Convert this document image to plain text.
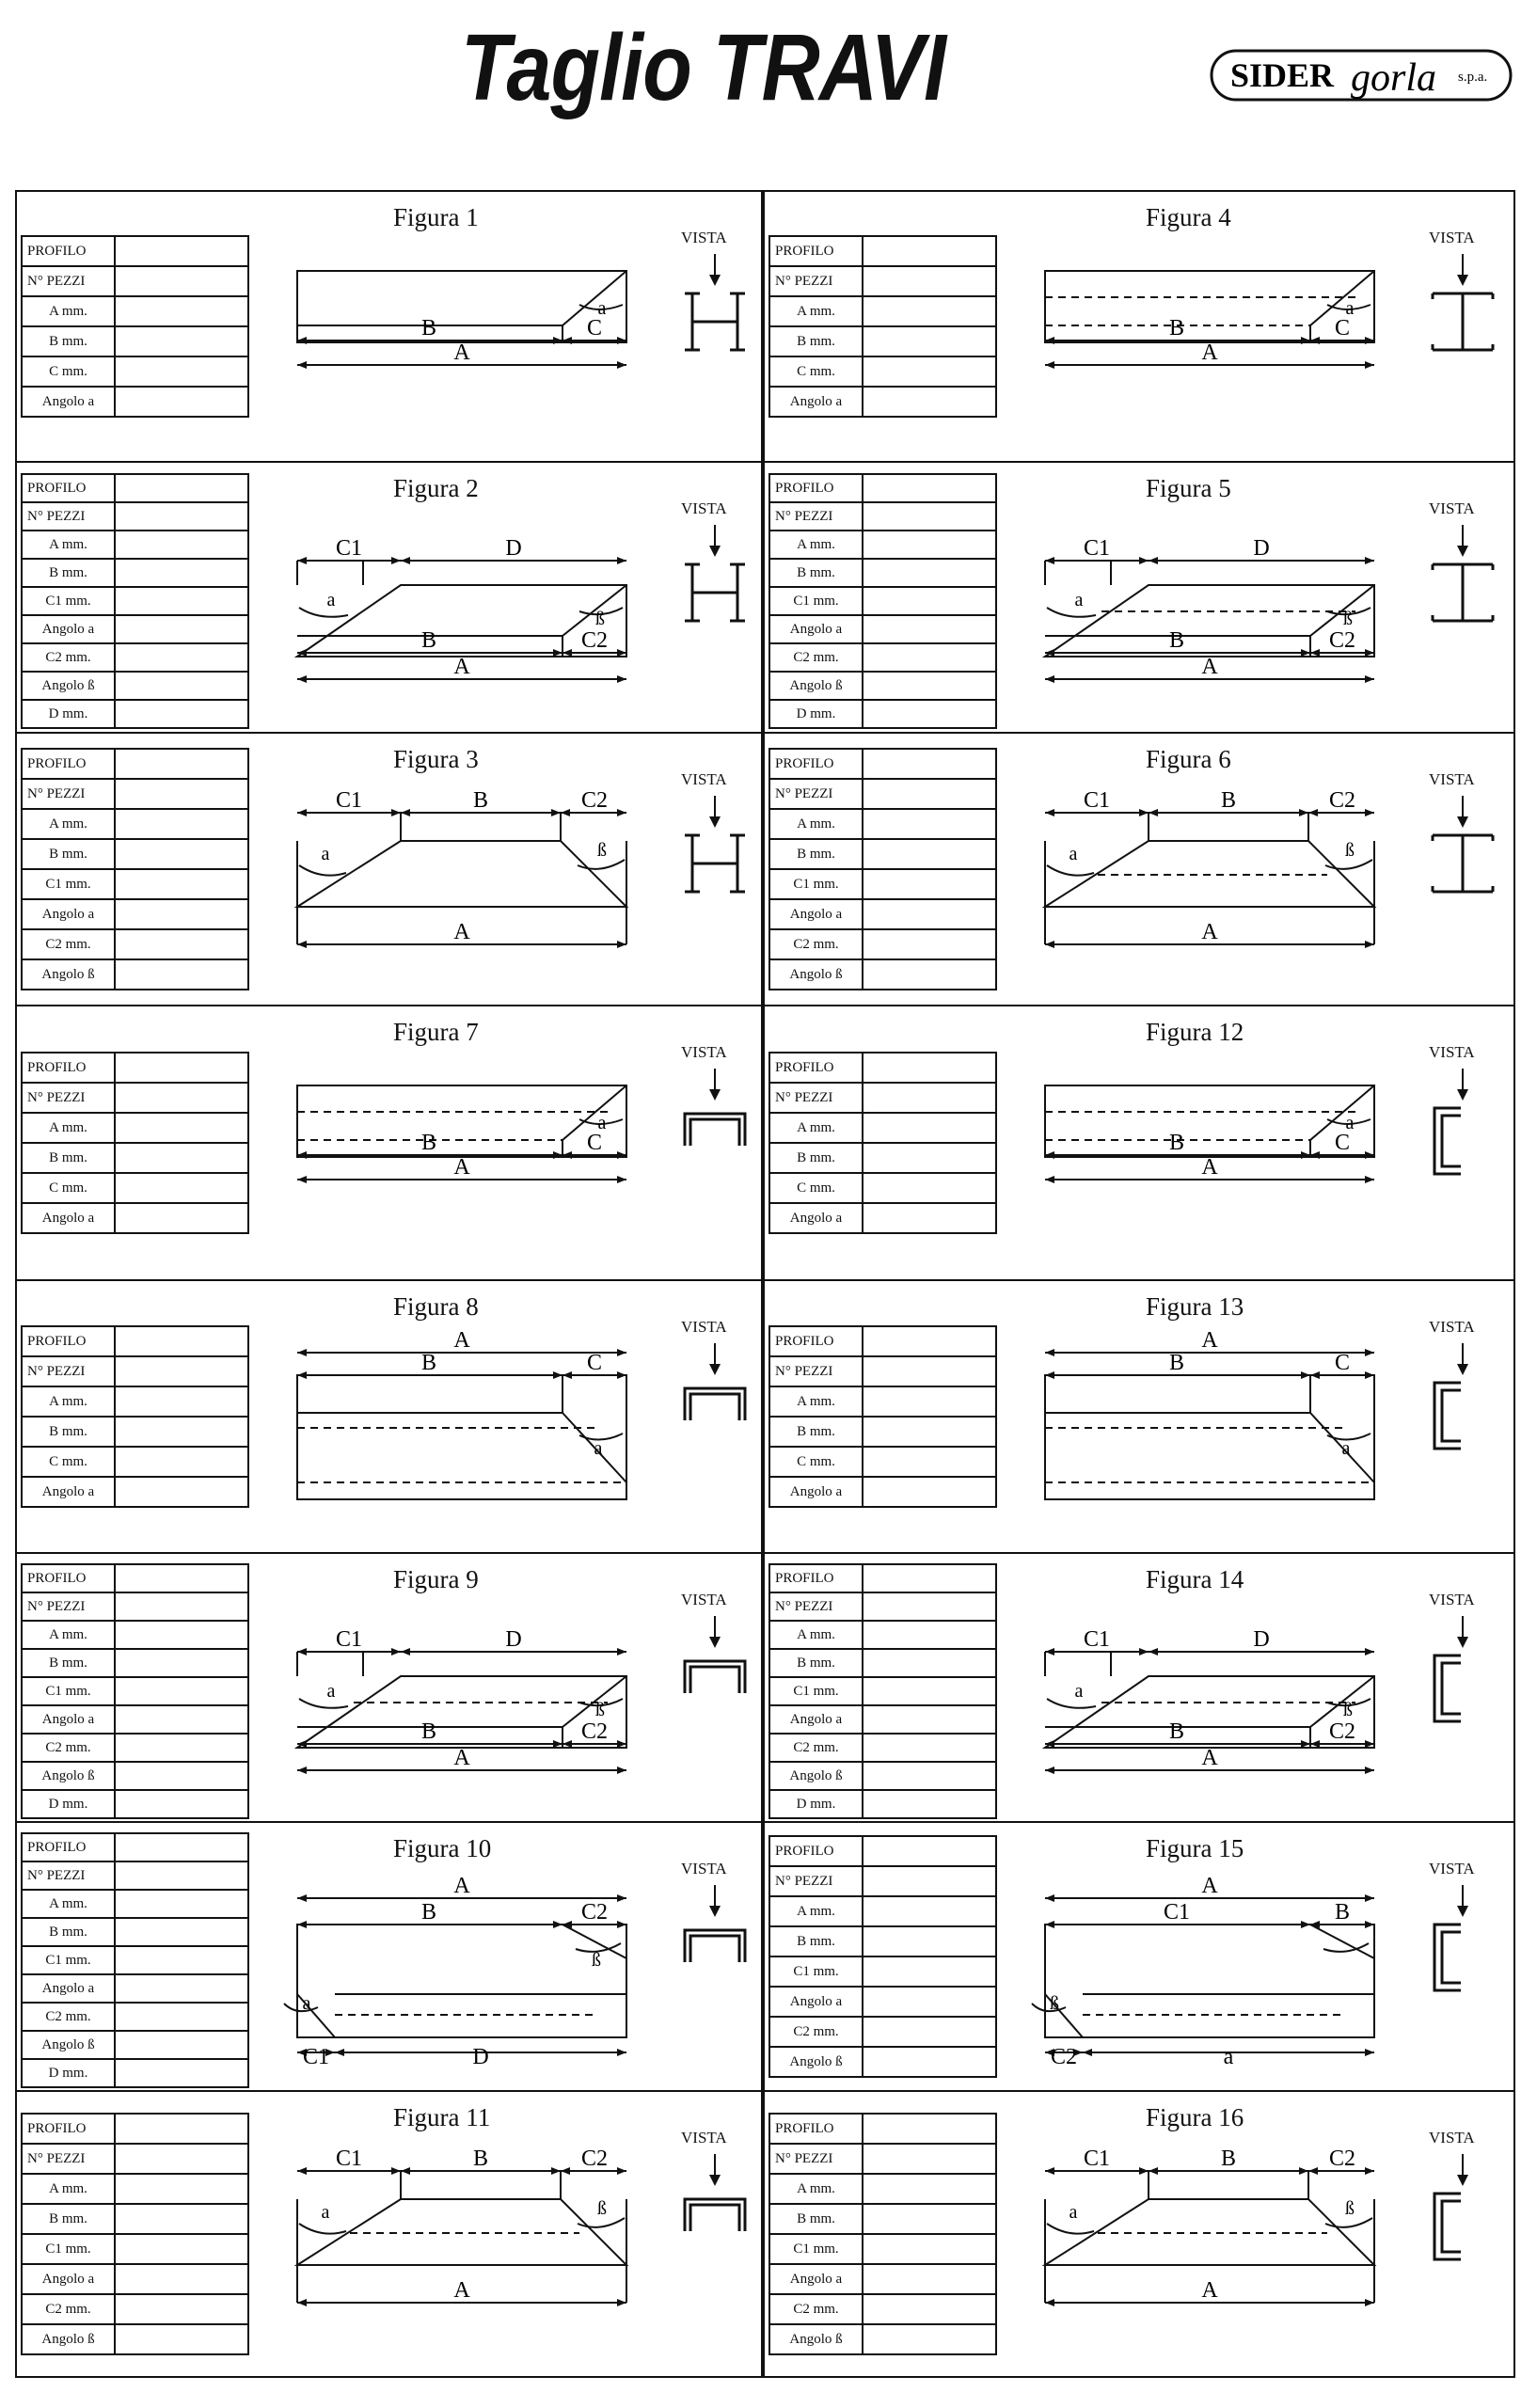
Taglio TRAVI	SIDER gorla s.p.a.
Figura 1
PROFILO	
N° PEZZI	
A mm.	
B mm.	
C mm.	
Angolo a	
B	C
A
a
VISTA
Figura 4
PROFILO	
N° PEZZI	
A mm.	
B mm.	
C mm.	
Angolo a	
B	C
A
a
VISTA
Figura 2
PROFILO	
N° PEZZI	
A mm.	
B mm.	
C1 mm.	
Angolo a	
C2 mm.	
Angolo ß	
D mm.	
C1	D
B	C2
A
a
ß
VISTA
Figura 5
PROFILO	
N° PEZZI	
A mm.	
B mm.	
C1 mm.	
Angolo a	
C2 mm.	
Angolo ß	
D mm.	
C1	D
B	C2
A
a
ß
VISTA
Figura 3
PROFILO	
N° PEZZI	
A mm.	
B mm.	
C1 mm.	
Angolo a	
C2 mm.	
Angolo ß	
C1	B	C2
A
a	ß
VISTA
Figura 6
PROFILO	
N° PEZZI	
A mm.	
B mm.	
C1 mm.	
Angolo a	
C2 mm.	
Angolo ß	
C1	B	C2
A
a	ß
VISTA
Figura 7
PROFILO	
N° PEZZI	
A mm.	
B mm.	
C mm.	
Angolo a	
B	C
A
a
VISTA
Figura 12
PROFILO	
N° PEZZI	
A mm.	
B mm.	
C mm.	
Angolo a	
B	C
A
a
VISTA
Figura 8
PROFILO	
N° PEZZI	
A mm.	
B mm.	
C mm.	
Angolo a	
A
B	C
a
VISTA
Figura 13
PROFILO	
N° PEZZI	
A mm.	
B mm.	
C mm.	
Angolo a	
A
B	C
a
VISTA
Figura 9
PROFILO	
N° PEZZI	
A mm.	
B mm.	
C1 mm.	
Angolo a	
C2 mm.	
Angolo ß	
D mm.	
C1	D
B	C2
A
a
ß
VISTA
Figura 14
PROFILO	
N° PEZZI	
A mm.	
B mm.	
C1 mm.	
Angolo a	
C2 mm.	
Angolo ß	
D mm.	
C1	D
B	C2
A
a
ß
VISTA
Figura 10
PROFILO	
N° PEZZI	
A mm.	
B mm.	
C1 mm.	
Angolo a	
C2 mm.	
Angolo ß	
D mm.	
A
B	C2
C1	D
a
ß
VISTA
Figura 15
PROFILO	
N° PEZZI	
A mm.	
B mm.	
C1 mm.	
Angolo a	
C2 mm.	
Angolo ß	
A
C1	B
C2	a
ß
VISTA
Figura 11
PROFILO	
N° PEZZI	
A mm.	
B mm.	
C1 mm.	
Angolo a	
C2 mm.	
Angolo ß	
C1	B	C2
A
a	ß
VISTA
Figura 16
PROFILO	
N° PEZZI	
A mm.	
B mm.	
C1 mm.	
Angolo a	
C2 mm.	
Angolo ß	
C1	B	C2
A
a	ß
VISTA
